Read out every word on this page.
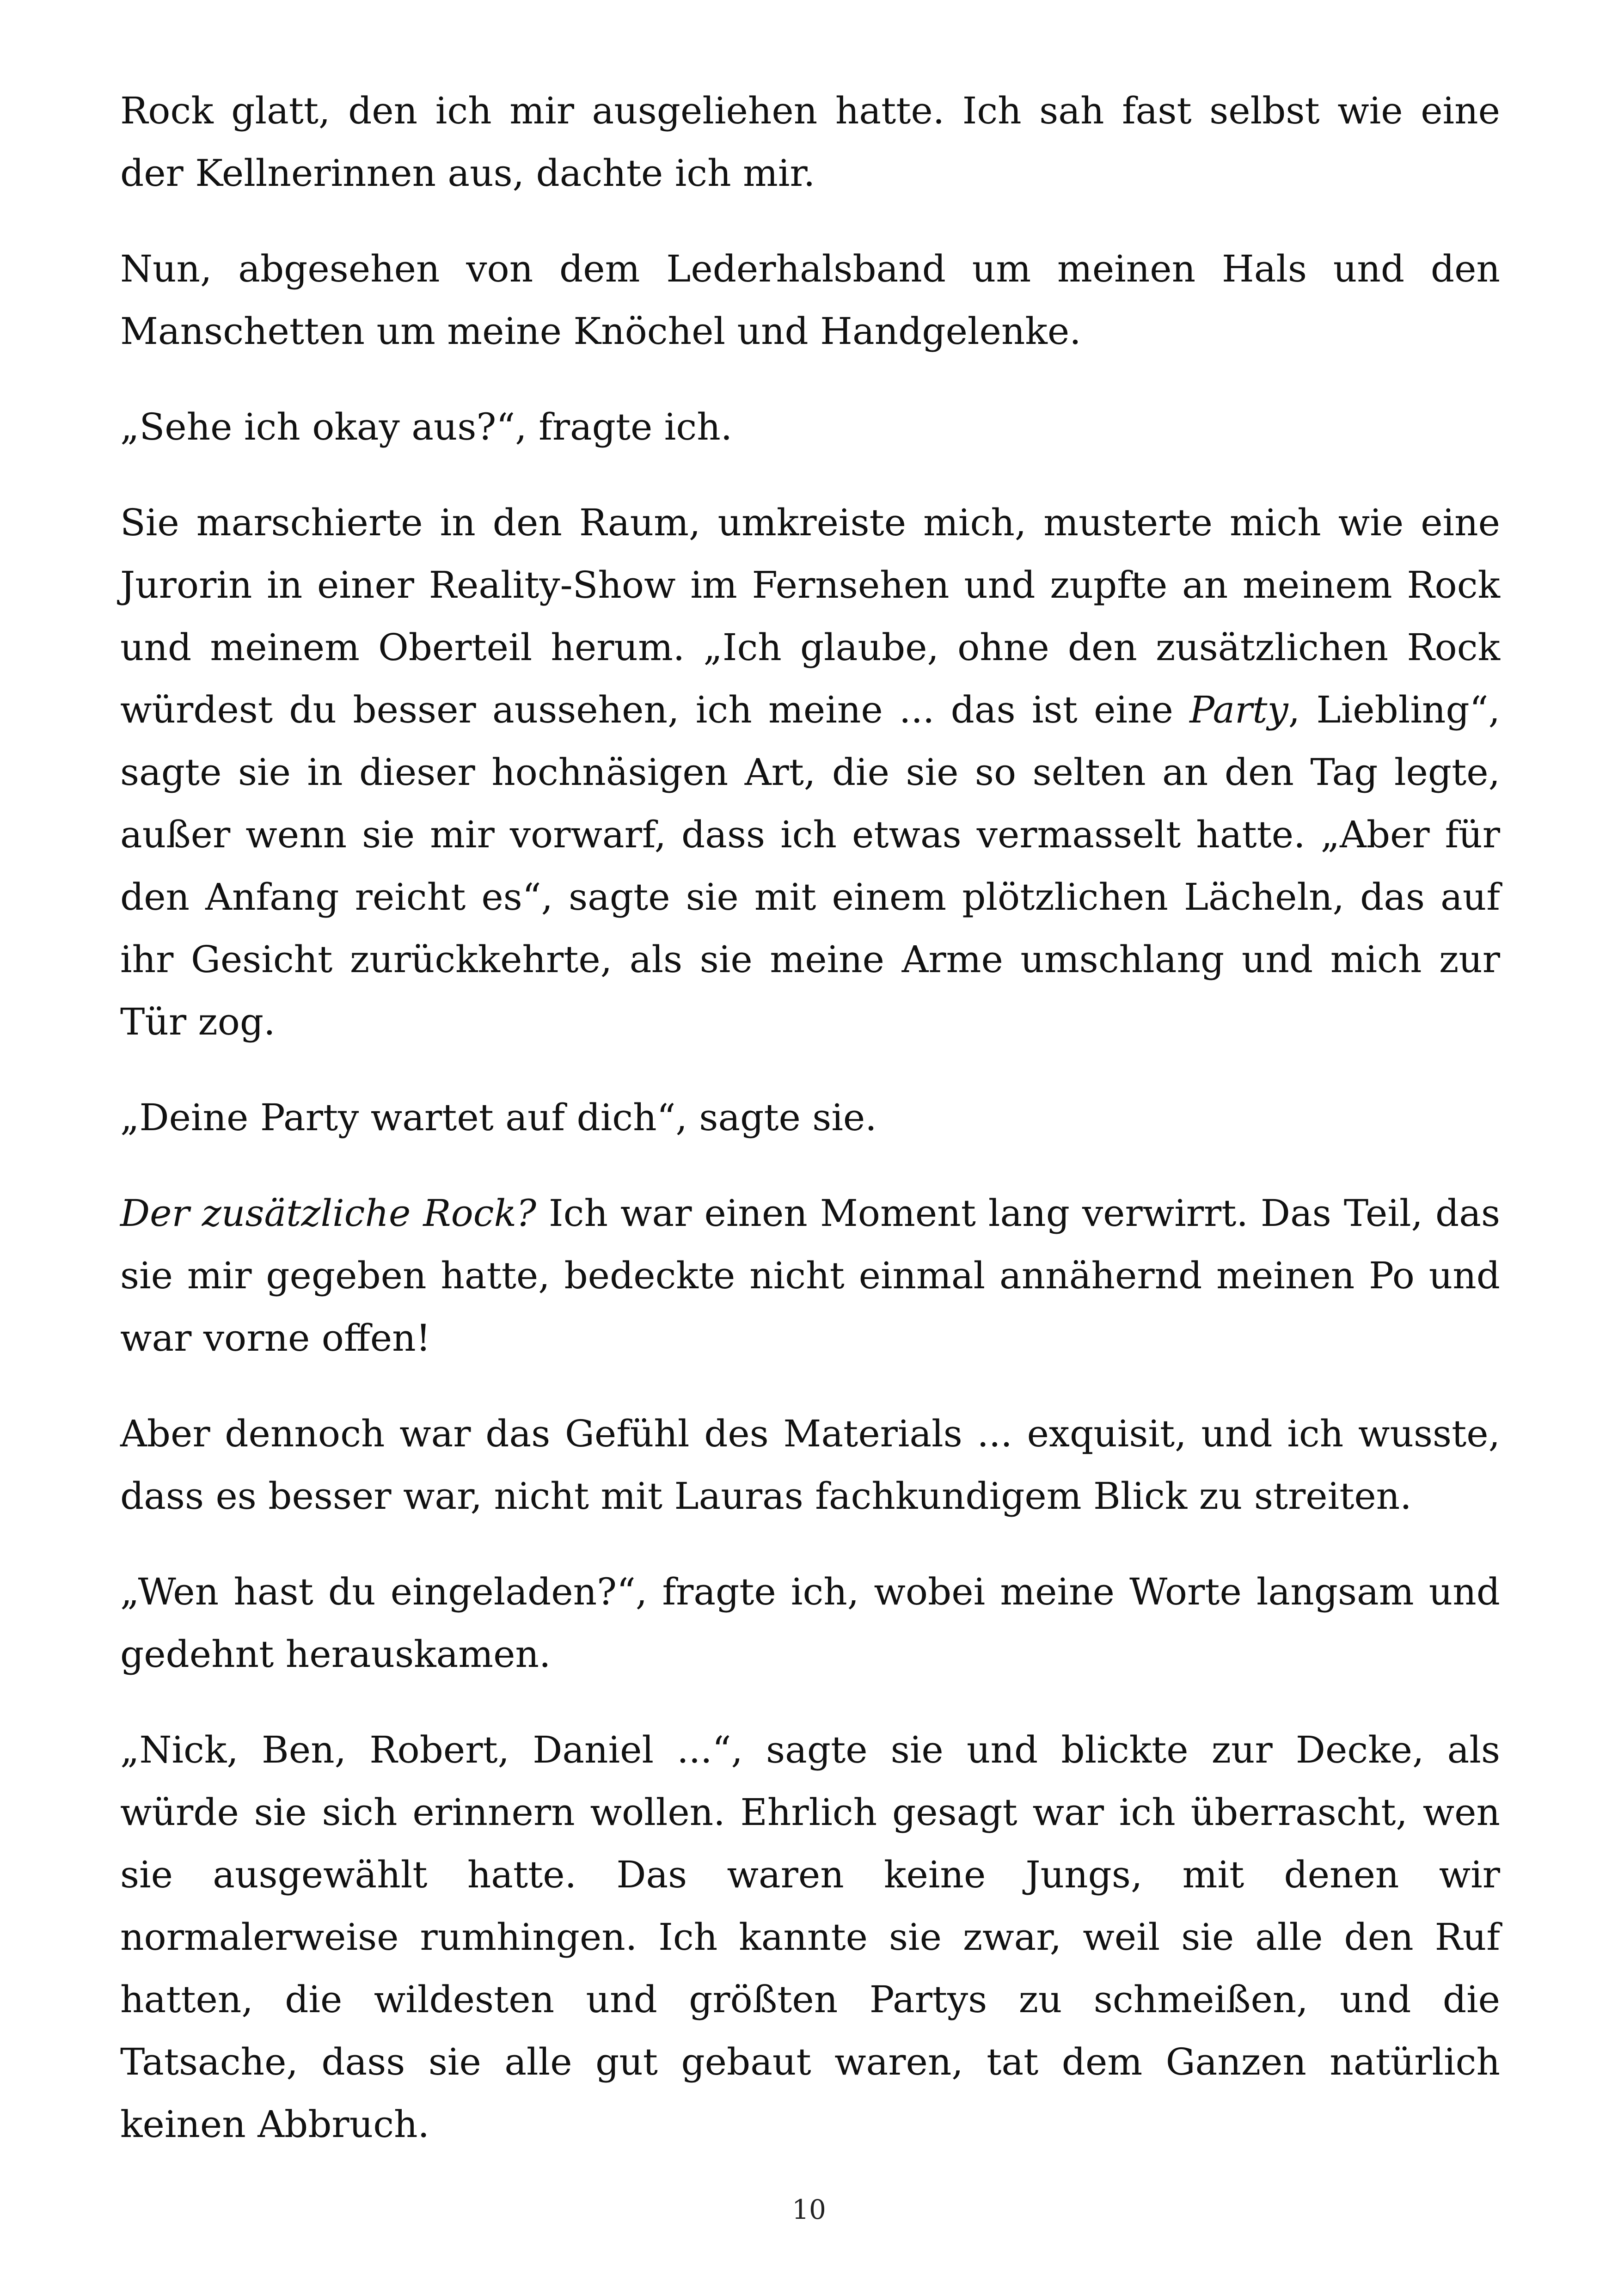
Rock glatt, den ich mir ausgeliehen hatte. Ich sah fast selbst wie eine der Kellnerinnen aus, dachte ich mir.

Nun, abgesehen von dem Lederhalsband um meinen Hals und den Manschetten um meine Knöchel und Handgelenke.

„Sehe ich okay aus?“, fragte ich.

Sie marschierte in den Raum, umkreiste mich, musterte mich wie eine Jurorin in einer Reality-Show im Fernsehen und zupfte an meinem Rock und meinem Oberteil herum. „Ich glaube, ohne den zusätzlichen Rock würdest du besser aussehen, ich meine ... das ist eine Party, Liebling“, sagte sie in dieser hochnäsigen Art, die sie so selten an den Tag legte, außer wenn sie mir vorwarf, dass ich etwas vermasselt hatte. „Aber für den Anfang reicht es“, sagte sie mit einem plötzlichen Lächeln, das auf ihr Gesicht zurückkehrte, als sie meine Arme umschlang und mich zur Tür zog.

„Deine Party wartet auf dich“, sagte sie.

Der zusätzliche Rock? Ich war einen Moment lang verwirrt. Das Teil, das sie mir gegeben hatte, bedeckte nicht einmal annähernd meinen Po und war vorne offen!

Aber dennoch war das Gefühl des Materials ... exquisit, und ich wusste, dass es besser war, nicht mit Lauras fachkundigem Blick zu streiten.

„Wen hast du eingeladen?“, fragte ich, wobei meine Worte langsam und gedehnt herauskamen.

„Nick, Ben, Robert, Daniel ...“, sagte sie und blickte zur Decke, als würde sie sich erinnern wollen. Ehrlich gesagt war ich überrascht, wen sie ausgewählt hatte. Das waren keine Jungs, mit denen wir normalerweise rumhingen. Ich kannte sie zwar, weil sie alle den Ruf hatten, die wildesten und größten Partys zu schmeißen, und die Tatsache, dass sie alle gut gebaut waren, tat dem Ganzen natürlich keinen Abbruch.

10
